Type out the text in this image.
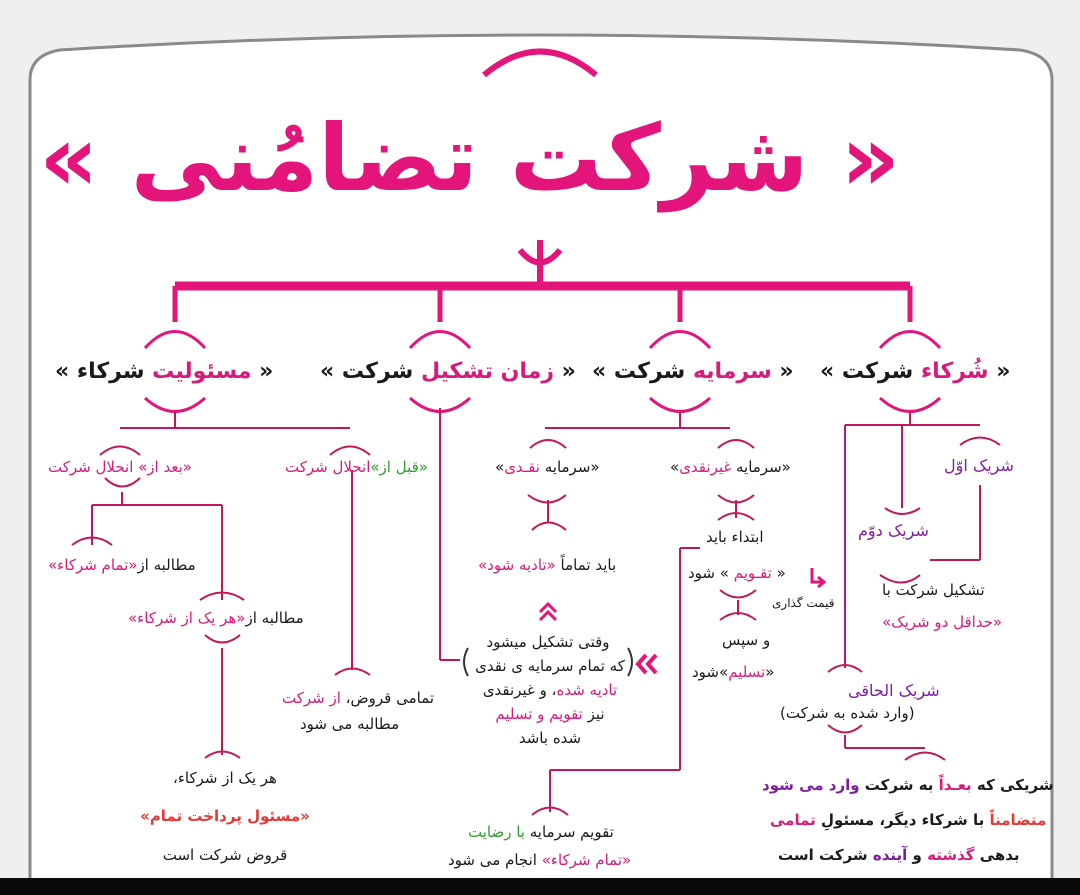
« شرکت تضامُنی »
« شُرکاء شرکت »
« سرمایه شرکت »
« زمان تشکیل شرکت »
« مسئولیت شرکاء »
شریک اوّل
شریک دوّم
تشکیل شرکت با
«حداقل دو شریک»
شریک الحاقی
(وارد شده به شرکت)
شریکی که بعـداً به شرکت وارد می شود
متضامناً با شرکاء دیگر، مسئولِ تمامی
بدهی گذشته و آینده شرکت است
«سرمایه غیرنقدی»
«سرمایه نقـدی»
ابتداء باید
« تقـویم » شود
قیمت گذاری
و سپس
«تسلیم»شود
باید تماماً «تادیه شود»
تقویم سرمایه با رضایت
«تمام شرکاء» انجام می شود
وقتی تشکیل میشود
که تمام سرمایه ی نقدی
تادیه شده، و غیرنقدی
نیز تقویم و تسلیم
شده باشد
«قبل از»انحلال شرکت
تمامی قروض، از شرکت
مطالبه می شود
«بعد از» انحلال شرکت
مطالبه از«تمام شرکاء»
مطالبه از«هر یک از شرکاء»
هر یک از شرکاء،
«مسئول پرداخت تمام»
قروض شرکت است
